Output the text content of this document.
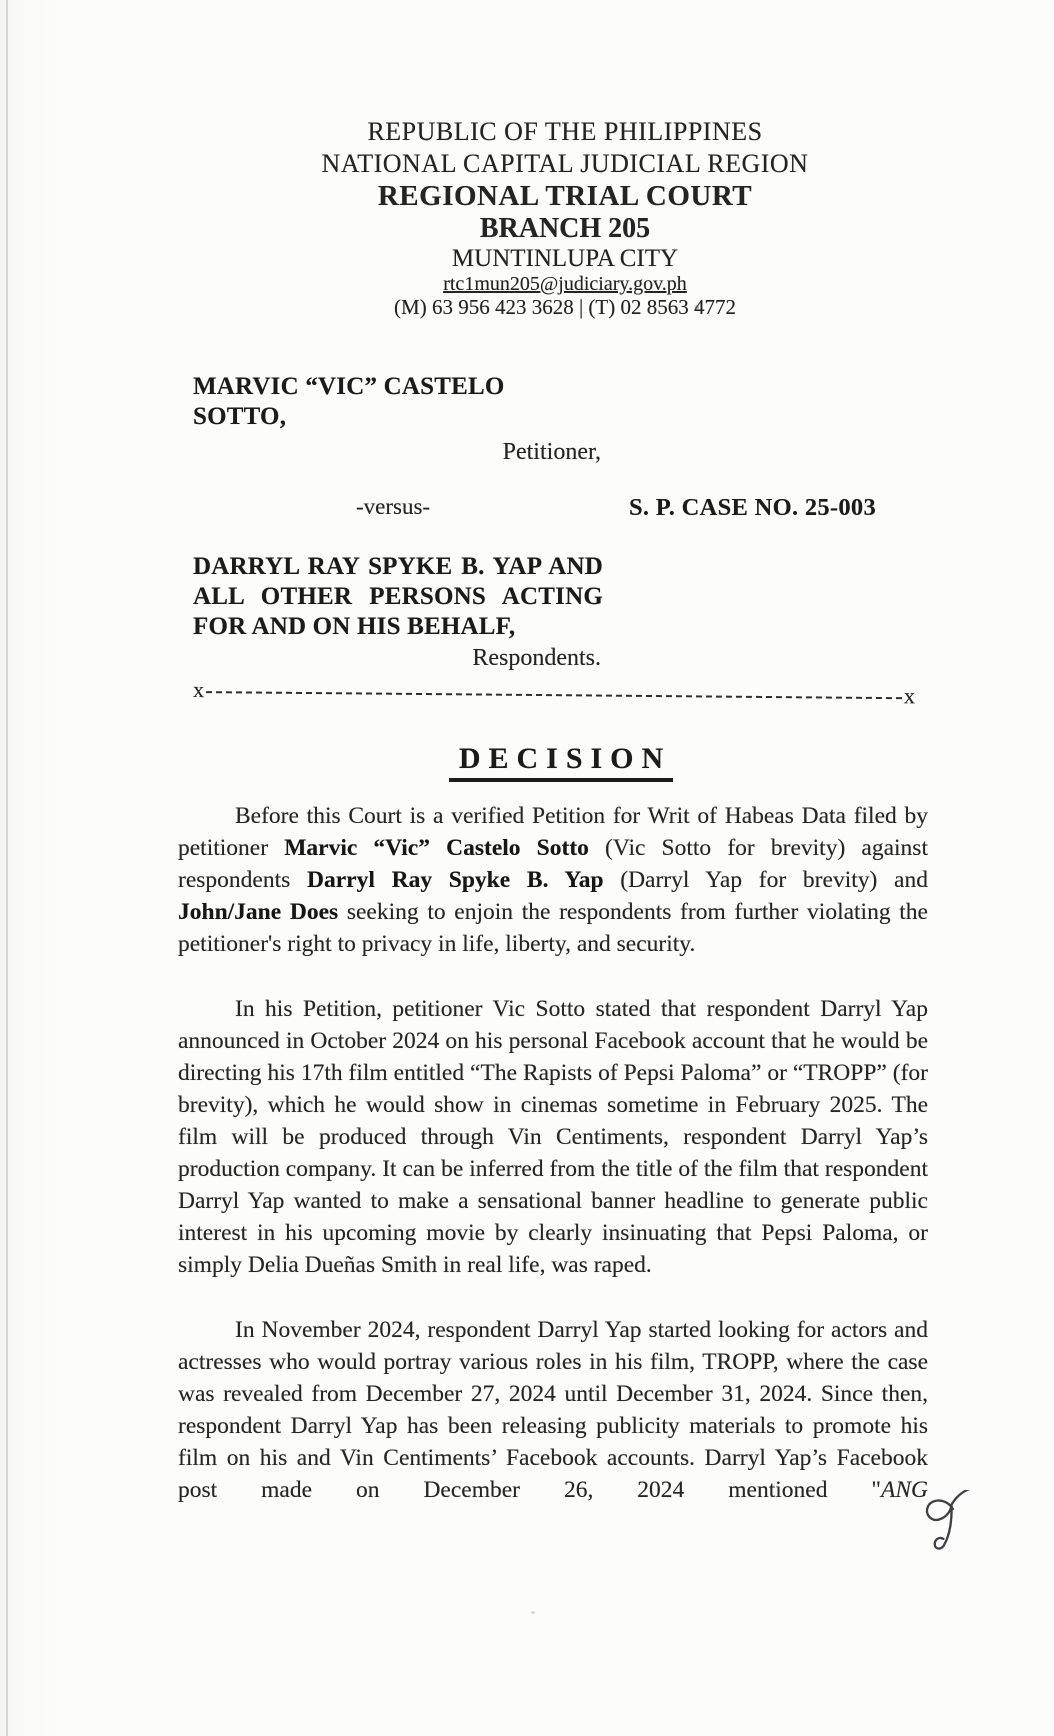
REPUBLIC OF THE PHILIPPINES
NATIONAL CAPITAL JUDICIAL REGION
REGIONAL TRIAL COURT
BRANCH 205
MUNTINLUPA CITY
rtc1mun205@judiciary.gov.ph
(M) 63 956 423 3628 | (T) 02 8563 4772
MARVIC “VIC” CASTELO SOTTO,
Petitioner,
-versus-	S. P. CASE NO. 25-003
DARRYL RAY SPYKE B. YAP AND
ALL OTHER PERSONS ACTING
FOR AND ON HIS BEHALF,
Respondents.
x	x
DECISION

Before this Court is a verified Petition for Writ of Habeas Data filed by petitioner Marvic “Vic” Castelo Sotto (Vic Sotto for brevity) against respondents Darryl Ray Spyke B. Yap (Darryl Yap for brevity) and John/Jane Does seeking to enjoin the respondents from further violating the petitioner's right to privacy in life, liberty, and security.

In his Petition, petitioner Vic Sotto stated that respondent Darryl Yap announced in October 2024 on his personal Facebook account that he would be directing his 17th film entitled “The Rapists of Pepsi Paloma” or “TROPP” (for brevity), which he would show in cinemas sometime in February 2025. The film will be produced through Vin Centiments, respondent Darryl Yap’s production company. It can be inferred from the title of the film that respondent Darryl Yap wanted to make a sensational banner headline to generate public interest in his upcoming movie by clearly insinuating that Pepsi Paloma, or simply Delia Dueñas Smith in real life, was raped.

In November 2024, respondent Darryl Yap started looking for actors and actresses who would portray various roles in his film, TROPP, where the case was revealed from December 27, 2024 until December 31, 2024. Since then, respondent Darryl Yap has been releasing publicity materials to promote his film on his and Vin Centiments’ Facebook accounts. Darryl Yap’s Facebook post made on December 26, 2024 mentioned "ANG
